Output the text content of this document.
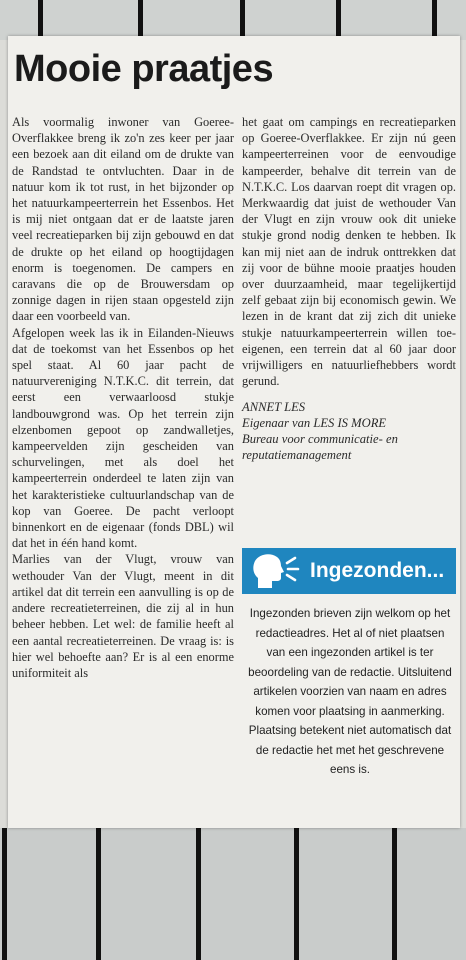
Mooie praatjes

Als voormalig inwoner van Goeree-Overflakkee breng ik zo'n zes keer per jaar een bezoek aan dit eiland om de drukte van de Randstad te ontvluchten. Daar in de natuur kom ik tot rust, in het bijzonder op het natuurkampeerterrein het Essenbos. Het is mij niet ontgaan dat er de laatste jaren veel recreatieparken bij zijn gebouwd en dat de drukte op het eiland op hoogtijdagen enorm is toegenomen. De campers en caravans die op de Brouwersdam op zonnige dagen in rijen staan opgesteld zijn daar een voorbeeld van.

Afgelopen week las ik in Eilanden-Nieuws dat de toekomst van het Essenbos op het spel staat. Al 60 jaar pacht de natuurvereniging N.T.K.C. dit terrein, dat eerst een verwaarloosd stukje landbouwgrond was. Op het terrein zijn elzenbomen gepoot op zandwalletjes, kampeervelden zijn gescheiden van schurvelingen, met als doel het kampeerterrein onderdeel te laten zijn van het karakteristieke cultuurlandschap van de kop van Goeree. De pacht verloopt binnenkort en de eigenaar (fonds DBL) wil dat het in één hand komt.

Marlies van der Vlugt, vrouw van wethouder Van der Vlugt, meent in dit artikel dat dit terrein een aanvulling is op de andere recreatieterreinen, die zij al in hun beheer hebben. Let wel: de familie heeft al een aantal recreatieterreinen. De vraag is: is hier wel behoefte aan? Er is al een enorme uniformiteit als

het gaat om campings en recreatieparken op Goeree-Overflakkee. Er zijn nú geen kampeerterreinen voor de eenvoudige kampeerder, behalve dit terrein van de N.T.K.C. Los daarvan roept dit vragen op. Merkwaardig dat juist de wethouder Van der Vlugt en zijn vrouw ook dit unieke stukje grond nodig denken te hebben. Ik kan mij niet aan de indruk onttrekken dat zij voor de bühne mooie praatjes houden over duurzaamheid, maar tegelijkertijd zelf gebaat zijn bij economisch gewin. We lezen in de krant dat zij zich dit unieke stukje natuurkampeerterrein willen toe-eigenen, een terrein dat al 60 jaar door vrijwilligers en natuurliefhebbers wordt gerund.

ANNET LES
Eigenaar van LES IS MORE
Bureau voor communicatie- en reputatiemanagement

Ingezonden...
Ingezonden brieven zijn welkom op het redactieadres. Het al of niet plaatsen van een ingezonden artikel is ter beoordeling van de redactie. Uitsluitend artikelen voorzien van naam en adres komen voor plaatsing in aanmerking. Plaatsing betekent niet automatisch dat de redactie het met het geschrevene eens is.
